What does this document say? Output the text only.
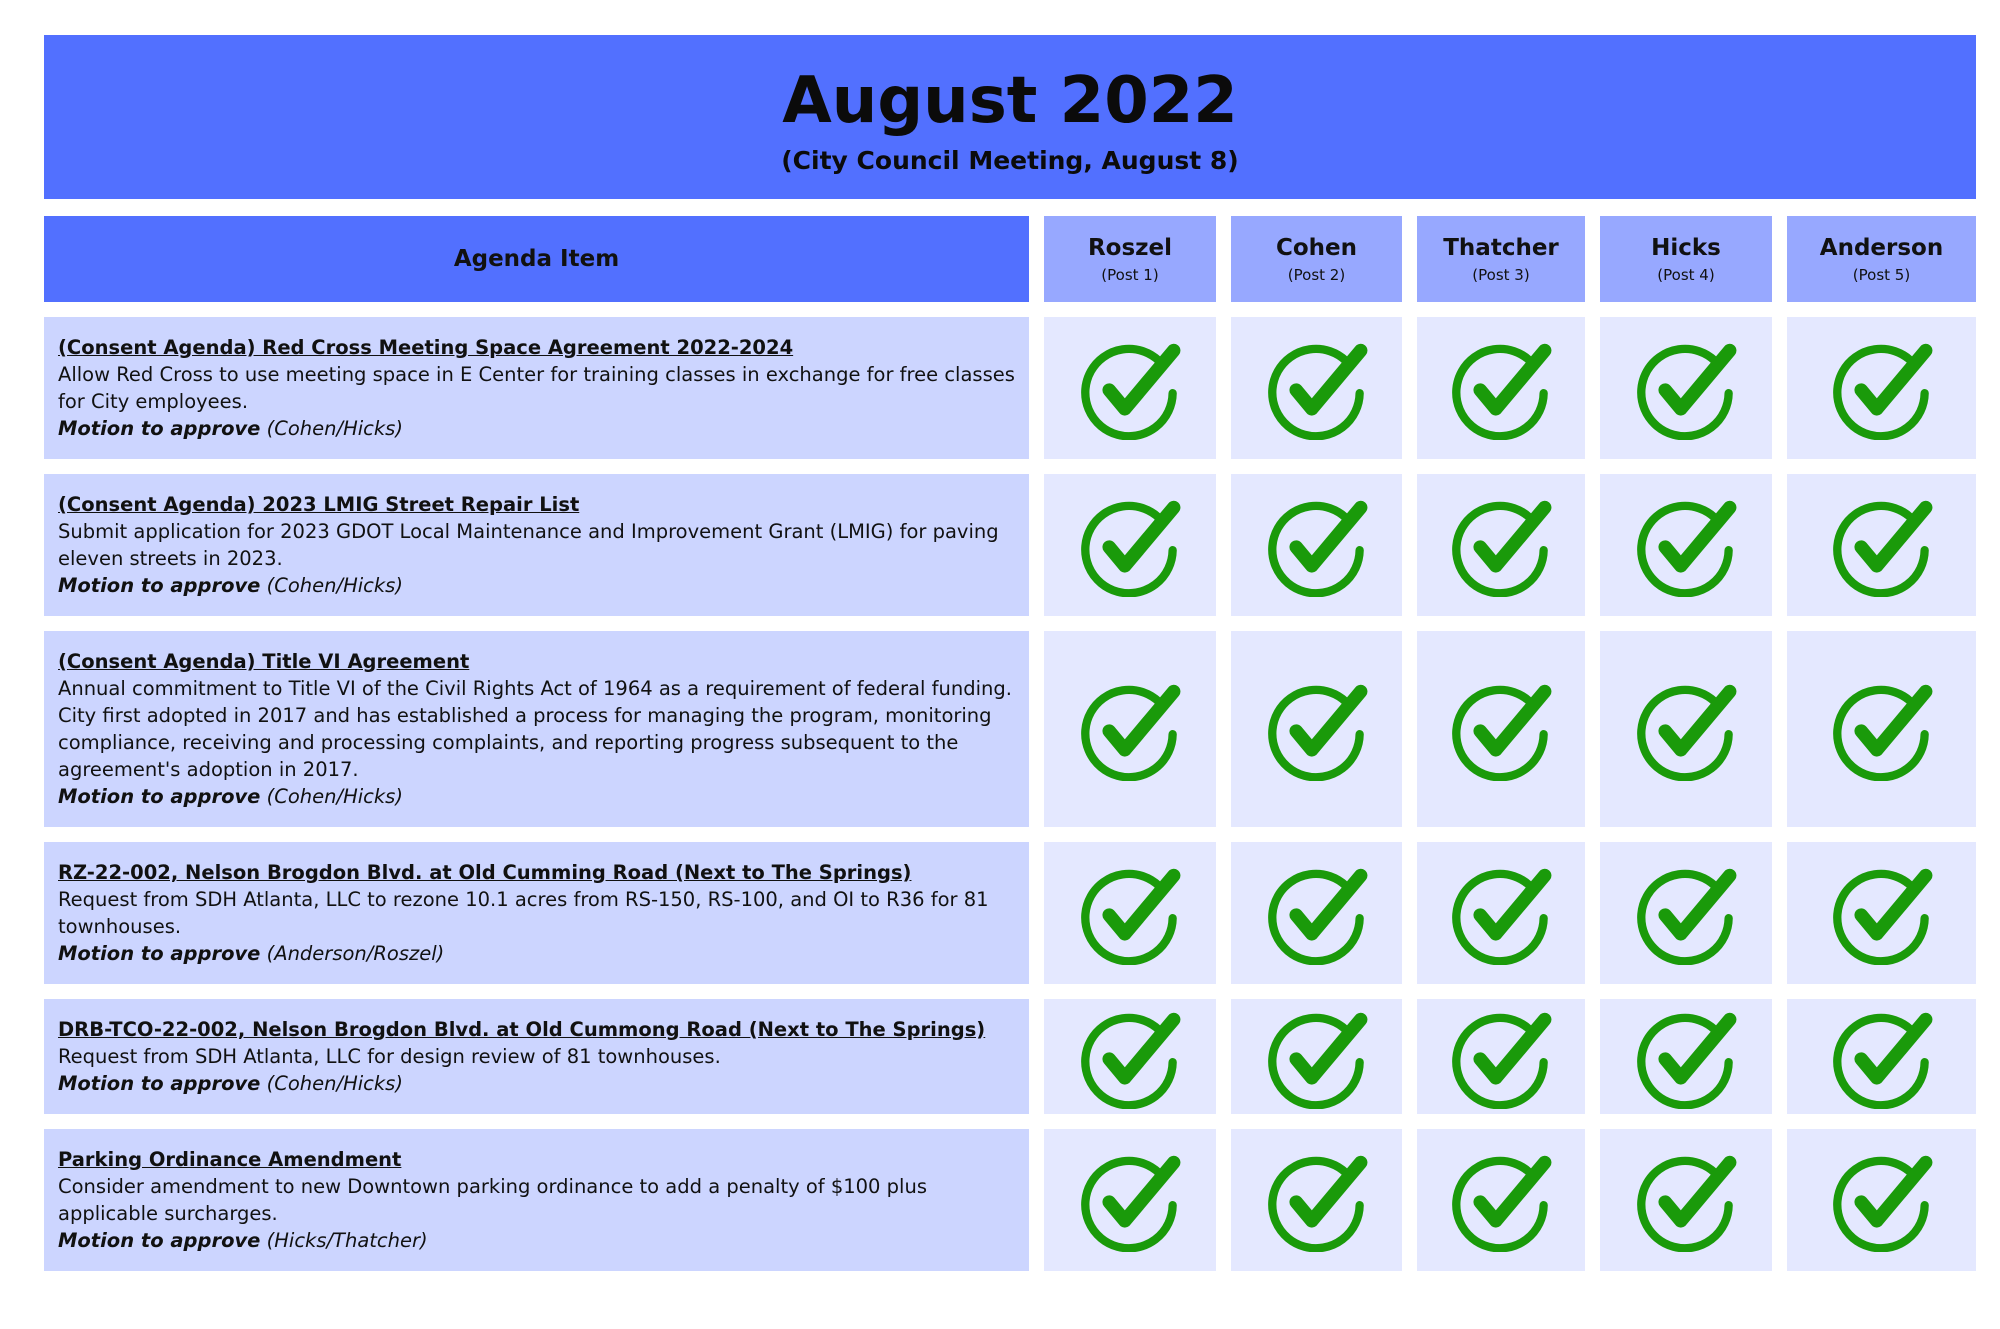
August 2022
(City Council Meeting, August 8)
Agenda Item	Roszel
(Post 1)
Cohen
(Post 2)
Thatcher
(Post 3)
Hicks
(Post 4)
Anderson
(Post 5)
(Consent Agenda) Red Cross Meeting Space Agreement 2022-2024
Allow Red Cross to use meeting space in E Center for training classes in exchange for free classes for City employees.
Motion to approve (Cohen/Hicks)
(Consent Agenda) 2023 LMIG Street Repair List
Submit application for 2023 GDOT Local Maintenance and Improvement Grant (LMIG) for paving eleven streets in 2023.
Motion to approve (Cohen/Hicks)
(Consent Agenda) Title VI Agreement
Annual commitment to Title VI of the Civil Rights Act of 1964 as a requirement of federal funding. City first adopted in 2017 and has established a process for managing the program, monitoring compliance, receiving and processing complaints, and reporting progress subsequent to the agreement's adoption in 2017.
Motion to approve (Cohen/Hicks)
RZ-22-002, Nelson Brogdon Blvd. at Old Cumming Road (Next to The Springs)
Request from SDH Atlanta, LLC to rezone 10.1 acres from RS-150, RS-100, and OI to R36 for 81 townhouses.
Motion to approve (Anderson/Roszel)
DRB-TCO-22-002, Nelson Brogdon Blvd. at Old Cummong Road (Next to The Springs)
Request from SDH Atlanta, LLC for design review of 81 townhouses.
Motion to approve (Cohen/Hicks)
Parking Ordinance Amendment
Consider amendment to new Downtown parking ordinance to add a penalty of $100 plus applicable surcharges.
Motion to approve (Hicks/Thatcher)
